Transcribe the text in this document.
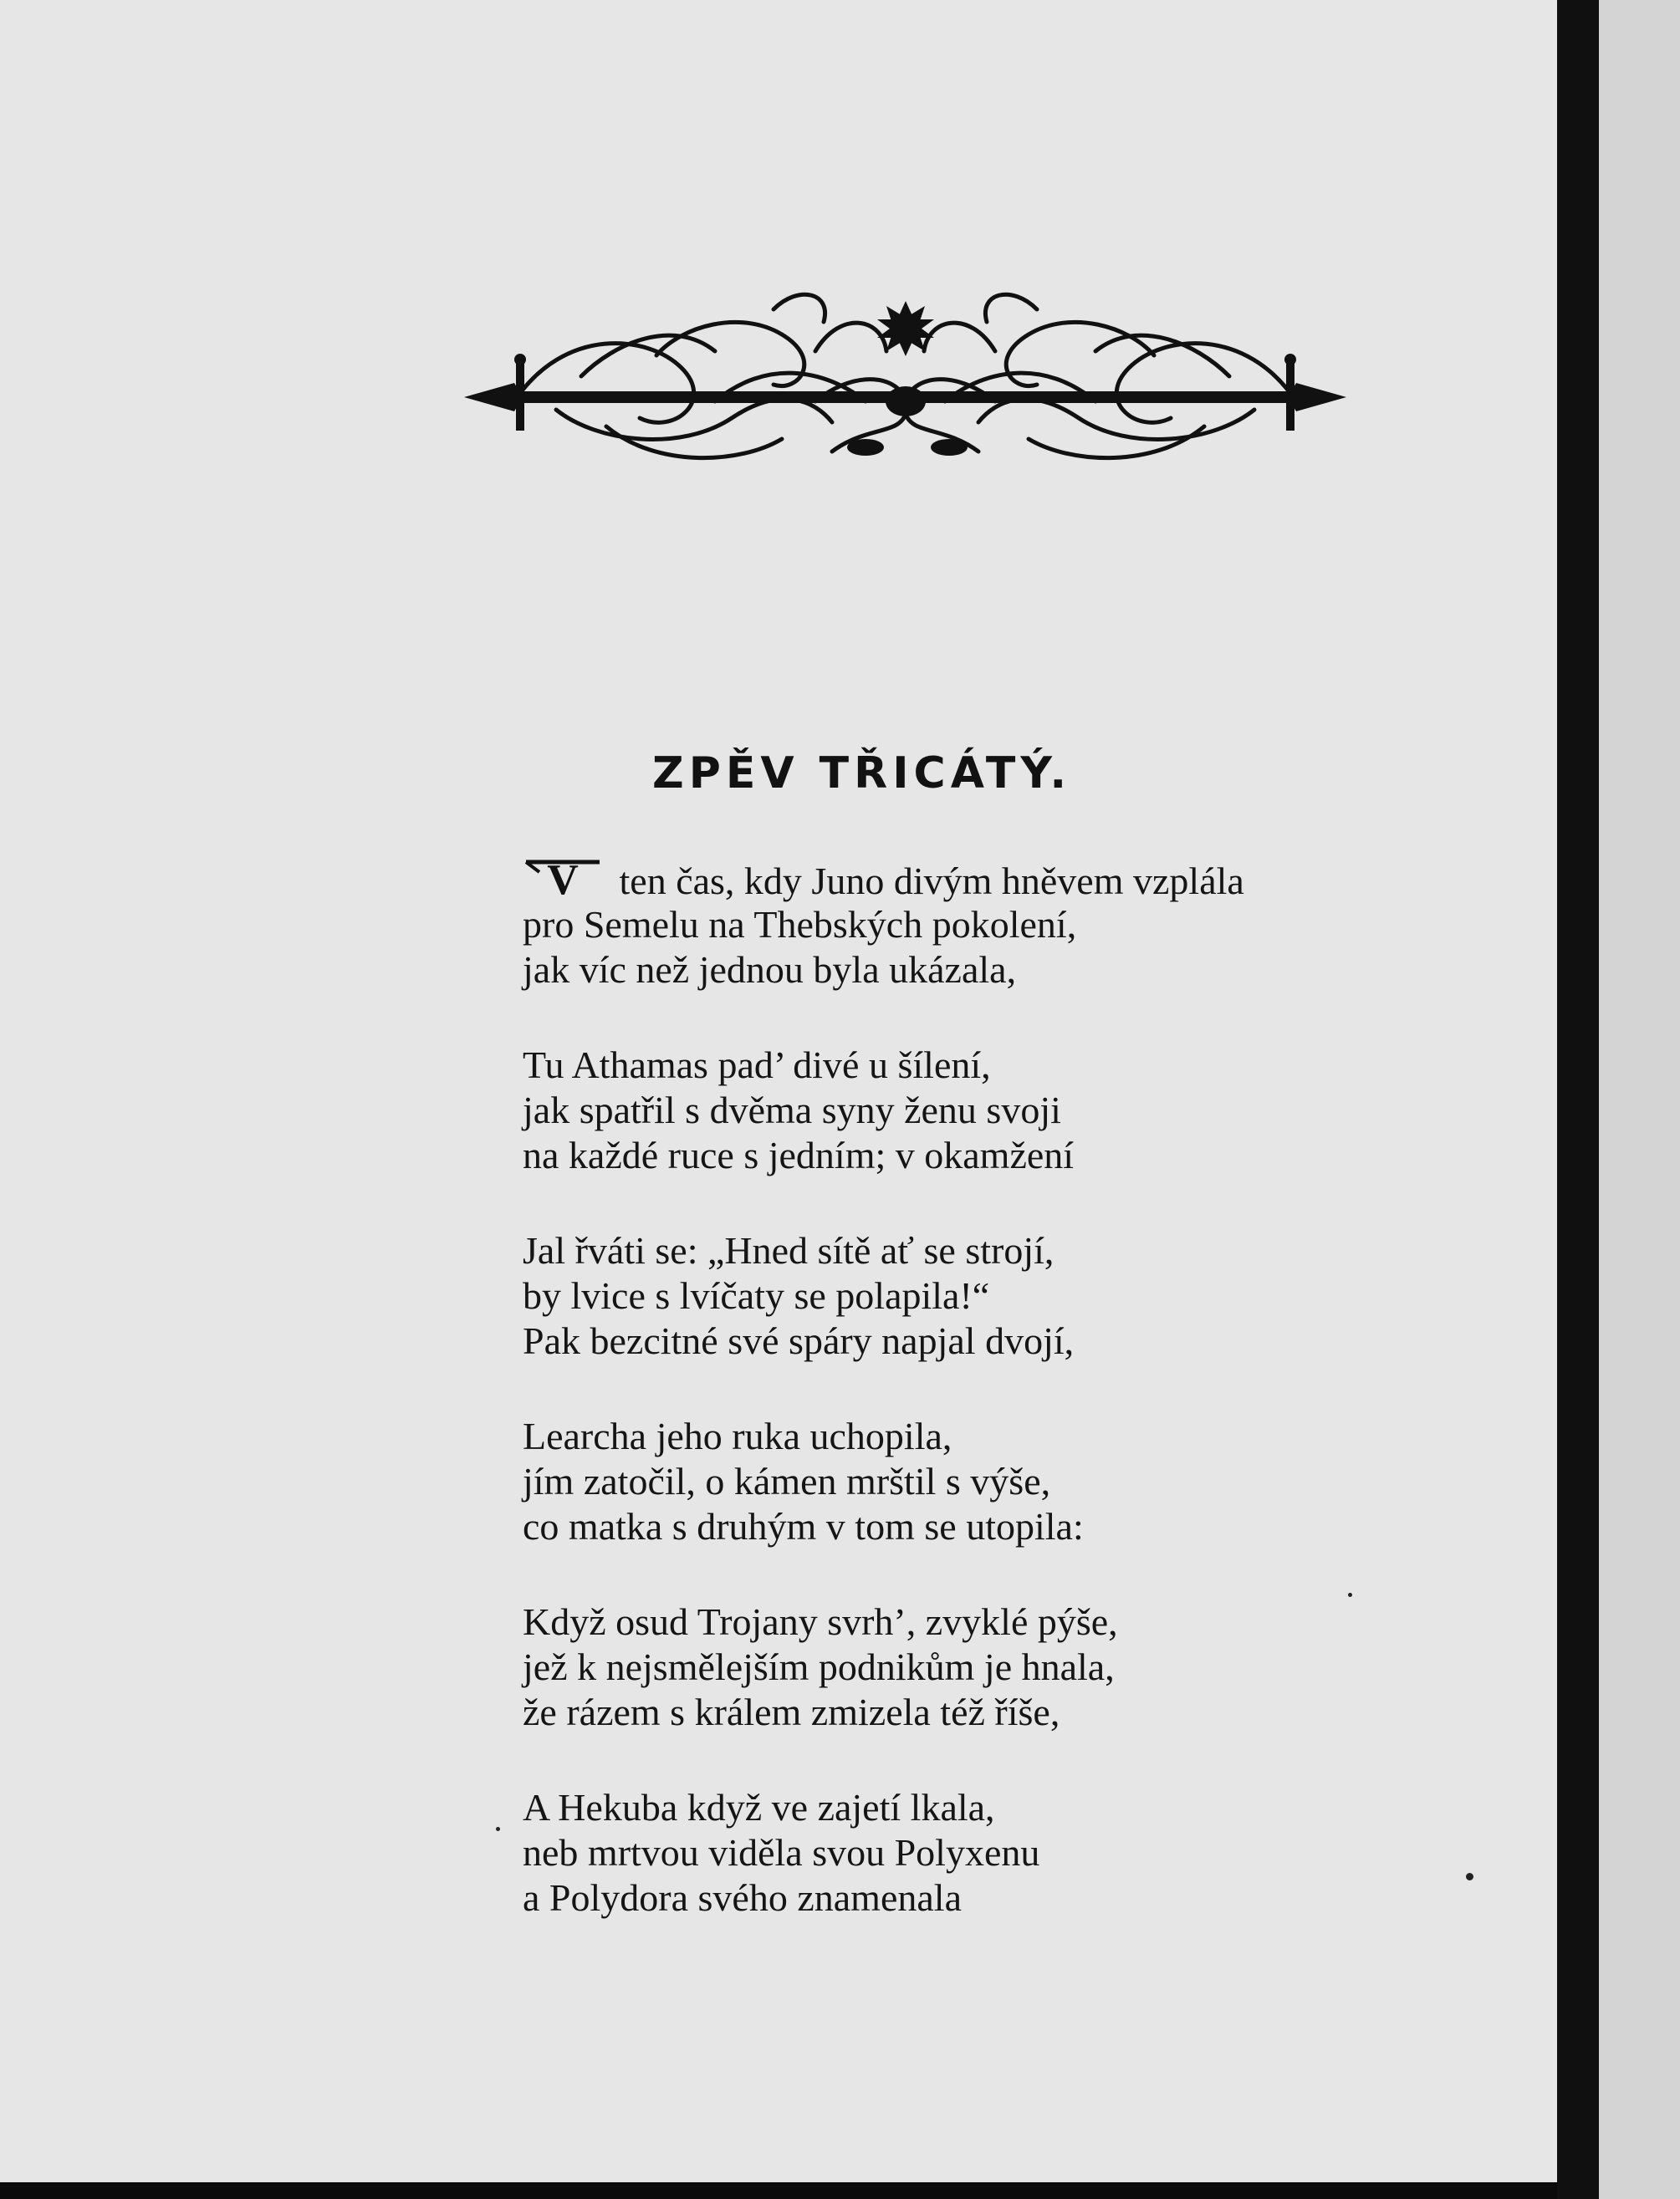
ZPĚV TŘICÁTÝ.
V ten čas, kdy Juno divým hněvem vzplála
pro Semelu na Thebských pokolení,
jak víc než jednou byla ukázala,
Tu Athamas pad’ divé u šílení,
jak spatřil s dvěma syny ženu svoji
na každé ruce s jedním; v okamžení
Jal řváti se: „Hned sítě ať se strojí,
by lvice s lvíčaty se polapila!“
Pak bezcitné své spáry napjal dvojí,
Learcha jeho ruka uchopila,
jím zatočil, o kámen mrštil s výše,
co matka s druhým v tom se utopila:
Když osud Trojany svrh’, zvyklé pýše,
jež k nejsmělejším podnikům je hnala,
že rázem s králem zmizela též říše,
A Hekuba když ve zajetí lkala,
neb mrtvou viděla svou Polyxenu
a Polydora svého znamenala
